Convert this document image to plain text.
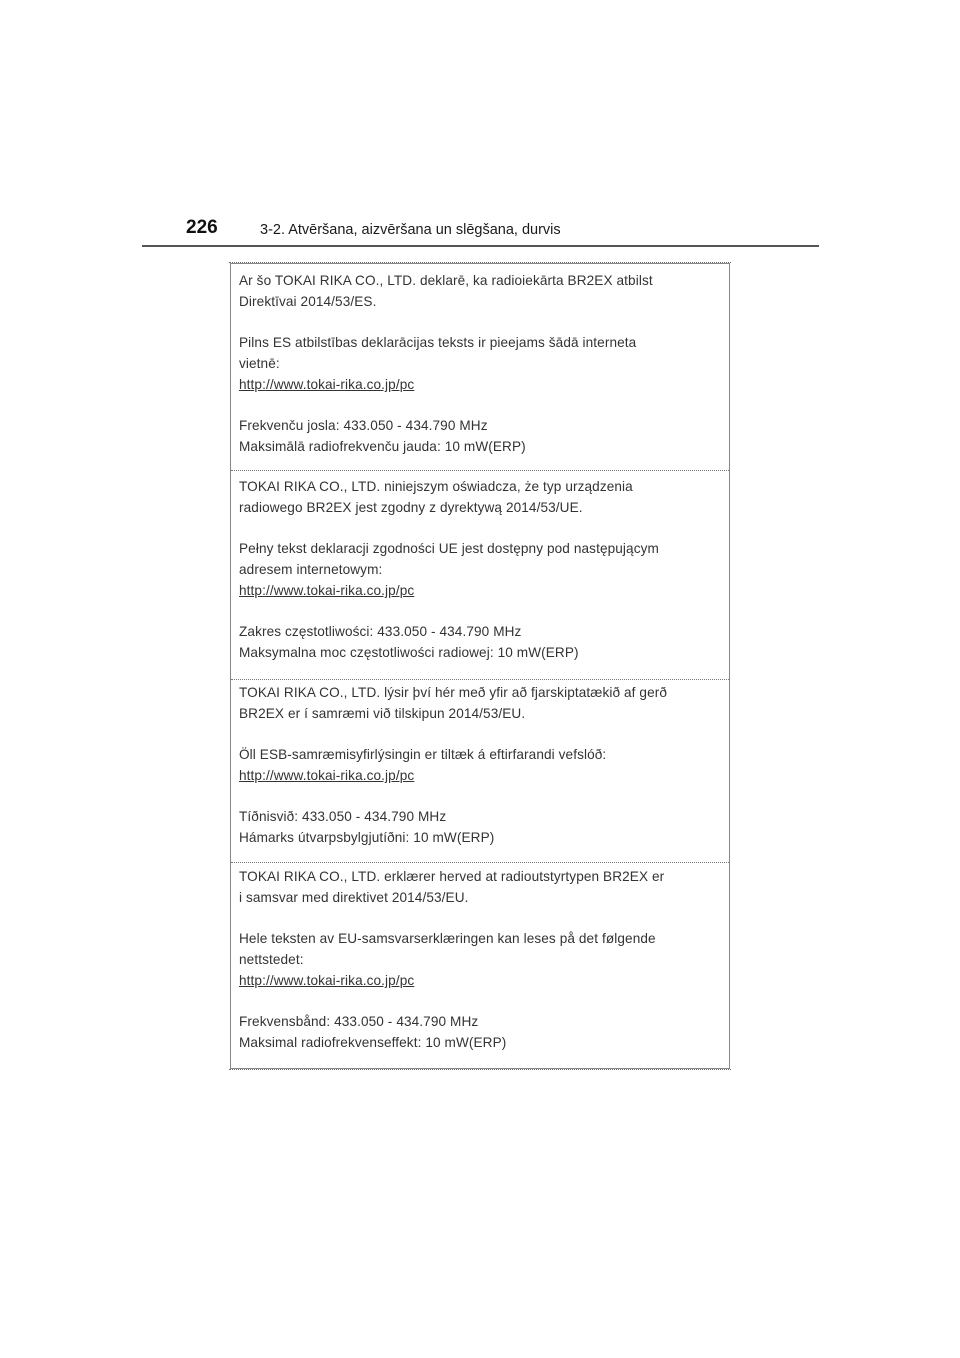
226	3-2. Atvēršana, aizvēršana un slēgšana, durvis

Ar šo TOKAI RIKA CO., LTD. deklarē, ka radioiekārta BR2EX atbilst

Direktīvai 2014/53/ES.

Pilns ES atbilstības deklarācijas teksts ir pieejams šādā interneta

vietnē:

http://www.tokai-rika.co.jp/pc

Frekvenču josla: 433.050 - 434.790 MHz

Maksimālā radiofrekvenču jauda: 10 mW(ERP)

TOKAI RIKA CO., LTD. niniejszym oświadcza, że typ urządzenia

radiowego BR2EX jest zgodny z dyrektywą 2014/53/UE.

Pełny tekst deklaracji zgodności UE jest dostępny pod następującym

adresem internetowym:

http://www.tokai-rika.co.jp/pc

Zakres częstotliwości: 433.050 - 434.790 MHz

Maksymalna moc częstotliwości radiowej: 10 mW(ERP)

TOKAI RIKA CO., LTD. lýsir því hér með yfir að fjarskiptatækið af gerð

BR2EX er í samræmi við tilskipun 2014/53/EU.

Öll ESB-samræmisyfirlýsingin er tiltæk á eftirfarandi vefslóð:

http://www.tokai-rika.co.jp/pc

Tíðnisvið: 433.050 - 434.790 MHz

Hámarks útvarpsbylgjutíðni: 10 mW(ERP)

TOKAI RIKA CO., LTD. erklærer herved at radioutstyrtypen BR2EX er

i samsvar med direktivet 2014/53/EU.

Hele teksten av EU-samsvarserklæringen kan leses på det følgende

nettstedet:

http://www.tokai-rika.co.jp/pc

Frekvensbånd: 433.050 - 434.790 MHz

Maksimal radiofrekvenseffekt: 10 mW(ERP)
